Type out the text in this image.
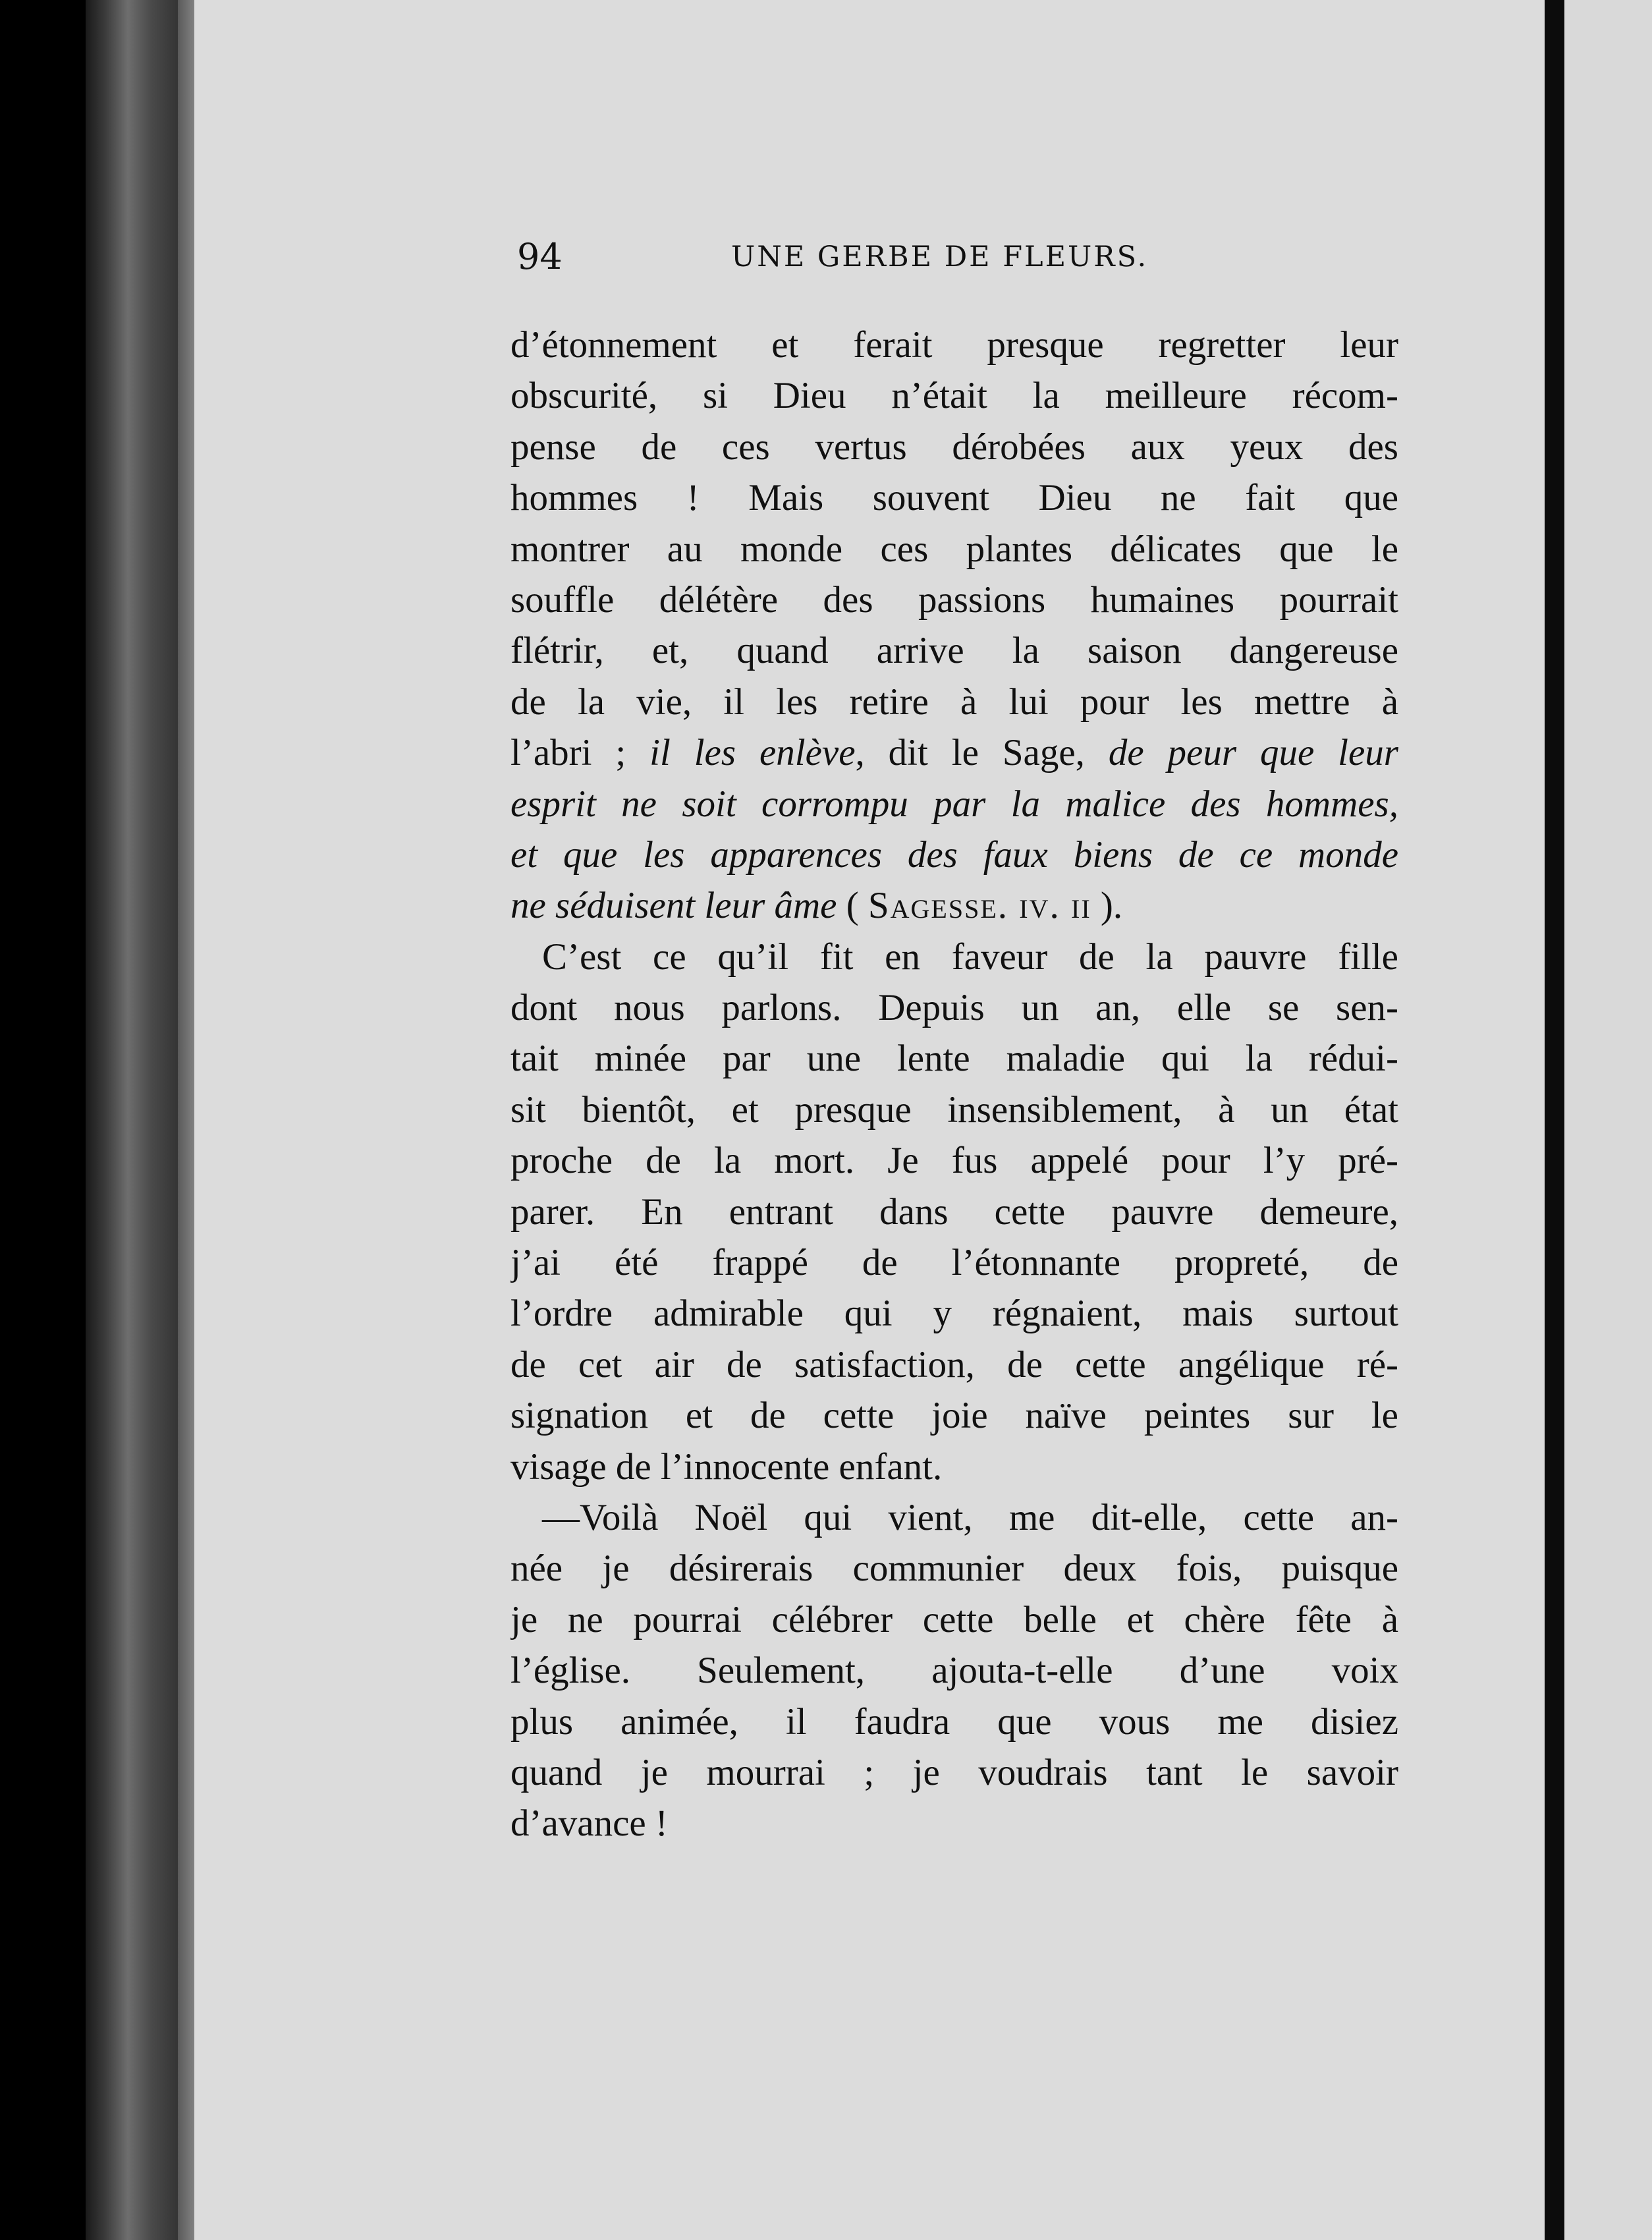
94	UNE GERBE DE FLEURS.
d’étonnement et ferait presque regretter leur
obscurité, si Dieu n’était la meilleure récom-
pense de ces vertus dérobées aux yeux des
hommes ! Mais souvent Dieu ne fait que
montrer au monde ces plantes délicates que le
souffle délétère des passions humaines pourrait
flétrir, et, quand arrive la saison dangereuse
de la vie, il les retire à lui pour les mettre à
l’abri ; il les enlève, dit le Sage, de peur que leur
esprit ne soit corrompu par la malice des hommes,
et que les apparences des faux biens de ce monde
ne séduisent leur âme ( Sagesse. iv. ii ).
C’est ce qu’il fit en faveur de la pauvre fille
dont nous parlons. Depuis un an, elle se sen-
tait minée par une lente maladie qui la rédui-
sit bientôt, et presque insensiblement, à un état
proche de la mort. Je fus appelé pour l’y pré-
parer. En entrant dans cette pauvre demeure,
j’ai été frappé de l’étonnante propreté, de
l’ordre admirable qui y régnaient, mais surtout
de cet air de satisfaction, de cette angélique ré-
signation et de cette joie naïve peintes sur le
visage de l’innocente enfant.
—Voilà Noël qui vient, me dit-elle, cette an-
née je désirerais communier deux fois, puisque
je ne pourrai célébrer cette belle et chère fête à
l’église. Seulement, ajouta-t-elle d’une voix
plus animée, il faudra que vous me disiez
quand je mourrai ; je voudrais tant le savoir
d’avance !
